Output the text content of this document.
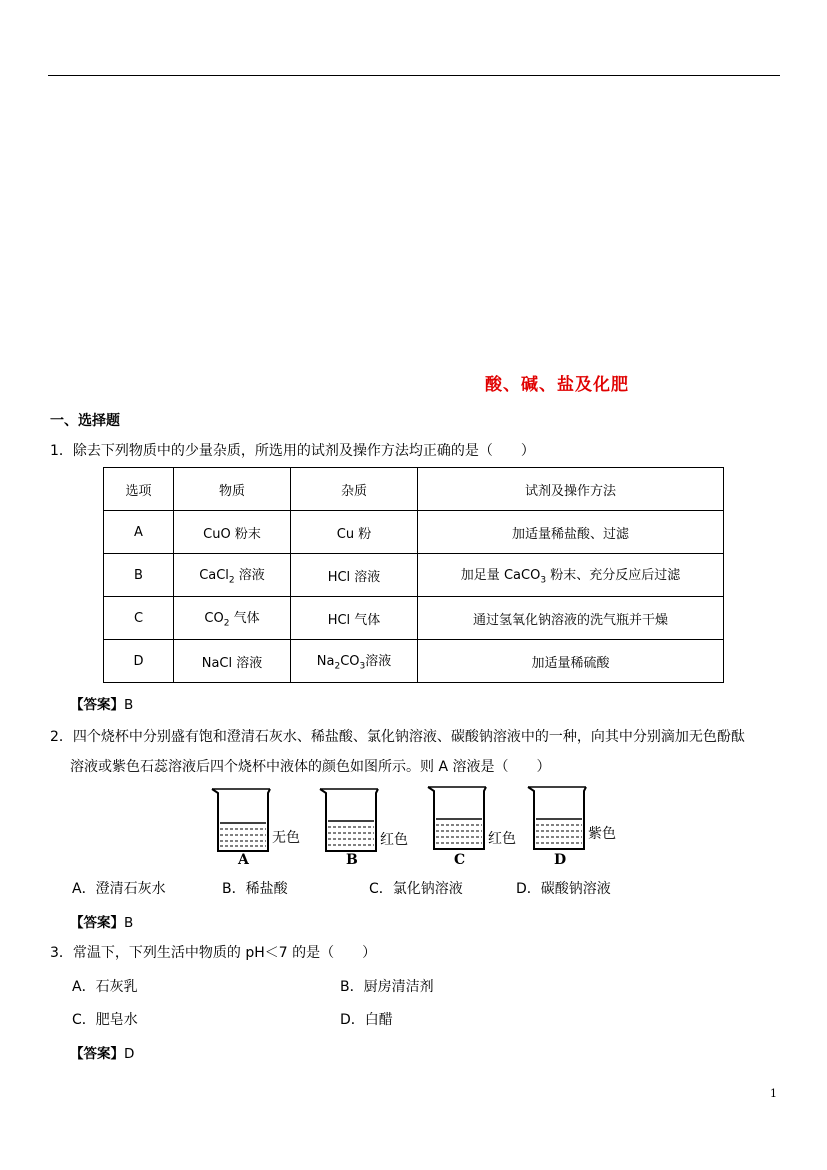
酸、碱、盐及化肥
一、选择题
1．除去下列物质中的少量杂质，所选用的试剂及操作方法均正确的是（　　）
选项	物质	杂质	试剂及操作方法
A	CuO 粉末	Cu 粉	加适量稀盐酸、过滤
B	CaCl$_2$ 溶液	HCl 溶液	加足量 CaCO$_3$ 粉末、充分反应后过滤
C	$CO_2$ 气体	HCl 气体	通过氢氧化钠溶液的洗气瓶并干燥
D	NaCl 溶液	$Na_2CO_3$溶液	加适量稀硫酸
【答案】B
2．四个烧杯中分别盛有饱和澄清石灰水、稀盐酸、氯化钠溶液、碳酸钠溶液中的一种，向其中分别滴加无色酚酞
溶液或紫色石蕊溶液后四个烧杯中液体的颜色如图所示。则 A 溶液是（　　）
无色
A
红色
B
红色
C
紫色
D
A．澄清石灰水	B．稀盐酸	C．氯化钠溶液	D．碳酸钠溶液
【答案】B
3．常温下，下列生活中物质的 pH＜7 的是（　　）
A．石灰乳	B．厨房清洁剂
C．肥皂水	D．白醋
【答案】D
1
